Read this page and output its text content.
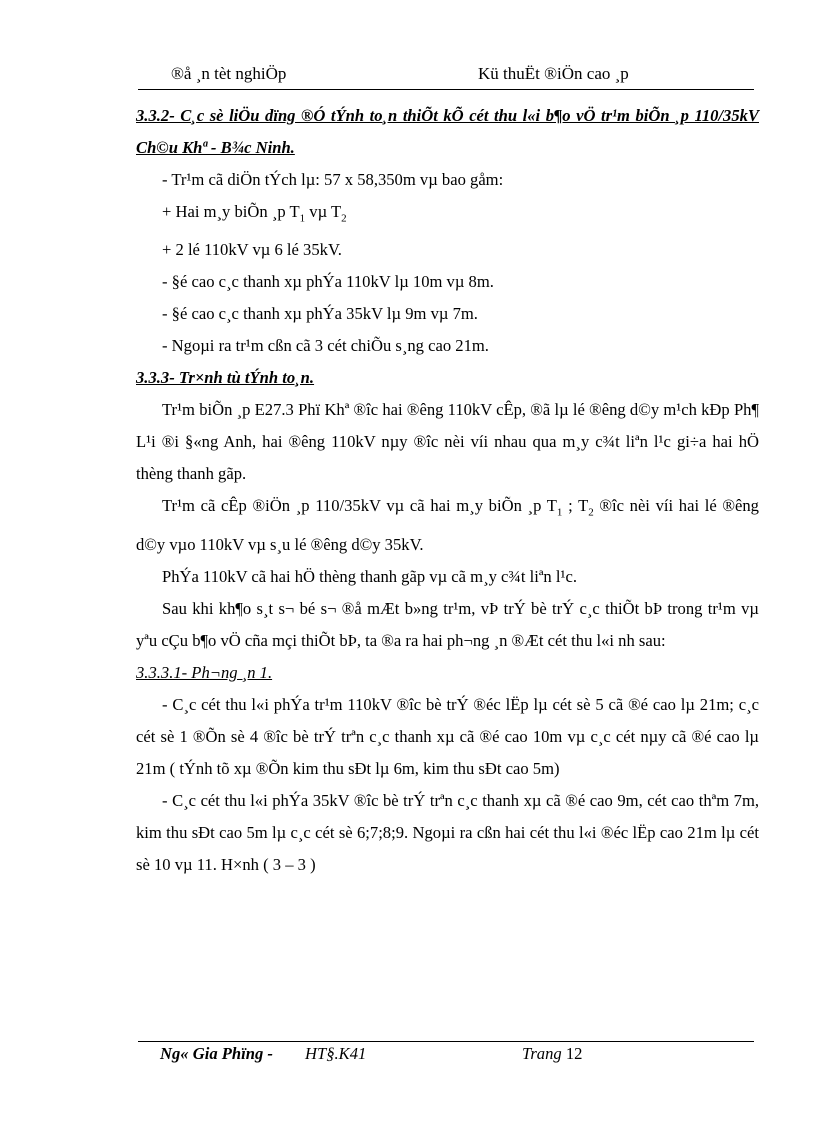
®å ¸n tèt nghiÖp	Kü thuËt ®iÖn cao ¸p

3.3.2- C¸c sè liÖu dïng ®Ó tÝnh to¸n thiÕt kÕ cét thu l«i b¶o vÖ tr¹m biÕn ¸p 110/35kV Ch©u Khª - B¾c Ninh.

- Tr¹m cã diÖn tÝch lµ: 57 x 58,350m vµ bao gåm:

+ Hai m¸y biÕn ¸p $T_1$ vµ $T_2$

+ 2 lé 110kV vµ 6 lé 35kV.

- §é cao c¸c thanh xµ phÝa 110kV lµ 10m vµ 8m.

- §é cao c¸c thanh xµ phÝa 35kV lµ 9m vµ 7m.

- Ngoµi ra tr¹m cßn cã 3 cét chiÕu s¸ng cao 21m.

3.3.3- Tr×nh tù tÝnh to¸n.

Tr¹m biÕn ¸p E27.3 Phï Khª ®îc hai ®êng 110kV cÊp, ®ã lµ lé ®êng d©y m¹ch kÐp Ph¶ L¹i ®i §«ng Anh, hai ®êng 110kV nµy ®îc nèi víi nhau qua m¸y c¾t liªn l¹c gi÷a hai hÖ thèng thanh gãp.

Tr¹m cã cÊp ®iÖn ¸p 110/35kV vµ cã hai m¸y biÕn ¸p $T_1$ ; $T_2$ ®îc nèi víi hai lé ®êng d©y vµo 110kV vµ s¸u lé ®êng d©y 35kV.

PhÝa 110kV cã hai hÖ thèng thanh gãp vµ cã m¸y c¾t liªn l¹c.

Sau khi kh¶o s¸t s¬ bé s¬ ®å mÆt b»ng tr¹m, vÞ trÝ bè trÝ c¸c thiÕt bÞ trong tr¹m vµ yªu cÇu b¶o vÖ cña mçi thiÕt bÞ, ta ®a ra hai ph¬ng ¸n ®Æt cét thu l«i nh sau:

3.3.3.1- Ph¬ng ¸n 1.

- C¸c cét thu l«i phÝa tr¹m 110kV ®îc bè trÝ ®éc lËp lµ cét sè 5 cã ®é cao lµ 21m; c¸c cét sè 1 ®Õn sè 4 ®îc bè trÝ trªn c¸c thanh xµ cã ®é cao 10m vµ c¸c cét nµy cã ®é cao lµ 21m ( tÝnh tõ xµ ®Õn kim thu sÐt lµ 6m, kim thu sÐt cao 5m)

- C¸c cét thu l«i phÝa 35kV ®îc bè trÝ trªn c¸c thanh xµ cã ®é cao 9m, cét cao thªm 7m, kim thu sÐt cao 5m lµ c¸c cét sè 6;7;8;9. Ngoµi ra cßn hai cét thu l«i ®éc lËp cao 21m lµ cét sè 10 vµ 11. H×nh ( 3 – 3 )

Ng« Gia Phïng - HT§.K41	Trang 12
